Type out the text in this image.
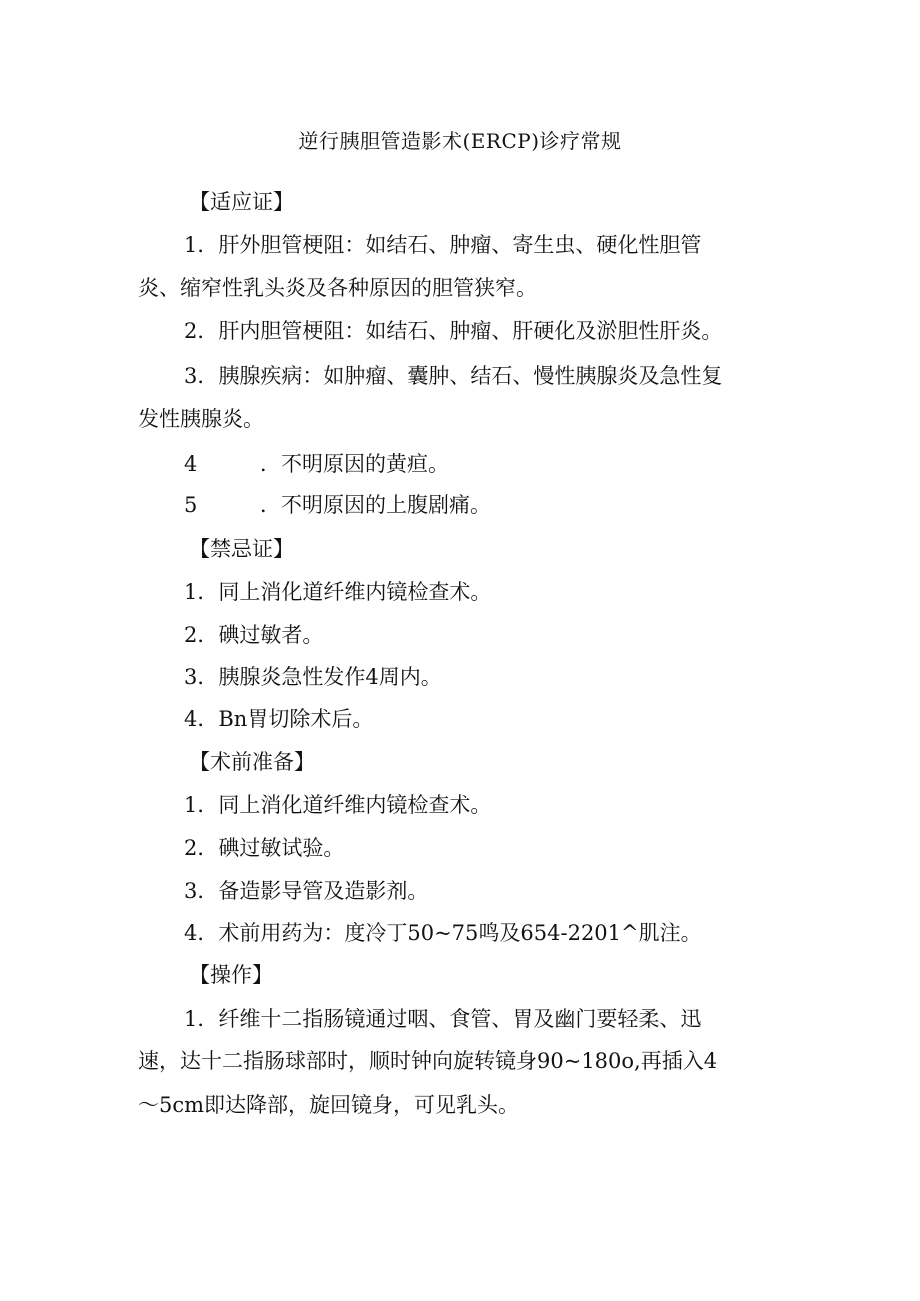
逆行胰胆管造影术(ERCP)诊疗常规
【适应证】
1．肝外胆管梗阻：如结石、肿瘤、寄生虫、硬化性胆管
炎、缩窄性乳头炎及各种原因的胆管狭窄。
2．肝内胆管梗阻：如结石、肿瘤、肝硬化及淤胆性肝炎。
3．胰腺疾病：如肿瘤、囊肿、结石、慢性胰腺炎及急性复
发性胰腺炎。
4	．不明原因的黄疸。
5	．不明原因的上腹剧痛。
【禁忌证】
1．同上消化道纤维内镜检查术。
2．碘过敏者。
3．胰腺炎急性发作4周内。
4．Bn胃切除术后。
【术前准备】
1．同上消化道纤维内镜检查术。
2．碘过敏试验。
3．备造影导管及造影剂。
4．术前用药为：度冷丁50~75鸣及654-2201^肌注。
【操作】
1．纤维十二指肠镜通过咽、食管、胃及幽门要轻柔、迅
速，达十二指肠球部时，顺时钟向旋转镜身90~180o,再插入4
～5cm即达降部，旋回镜身，可见乳头。
